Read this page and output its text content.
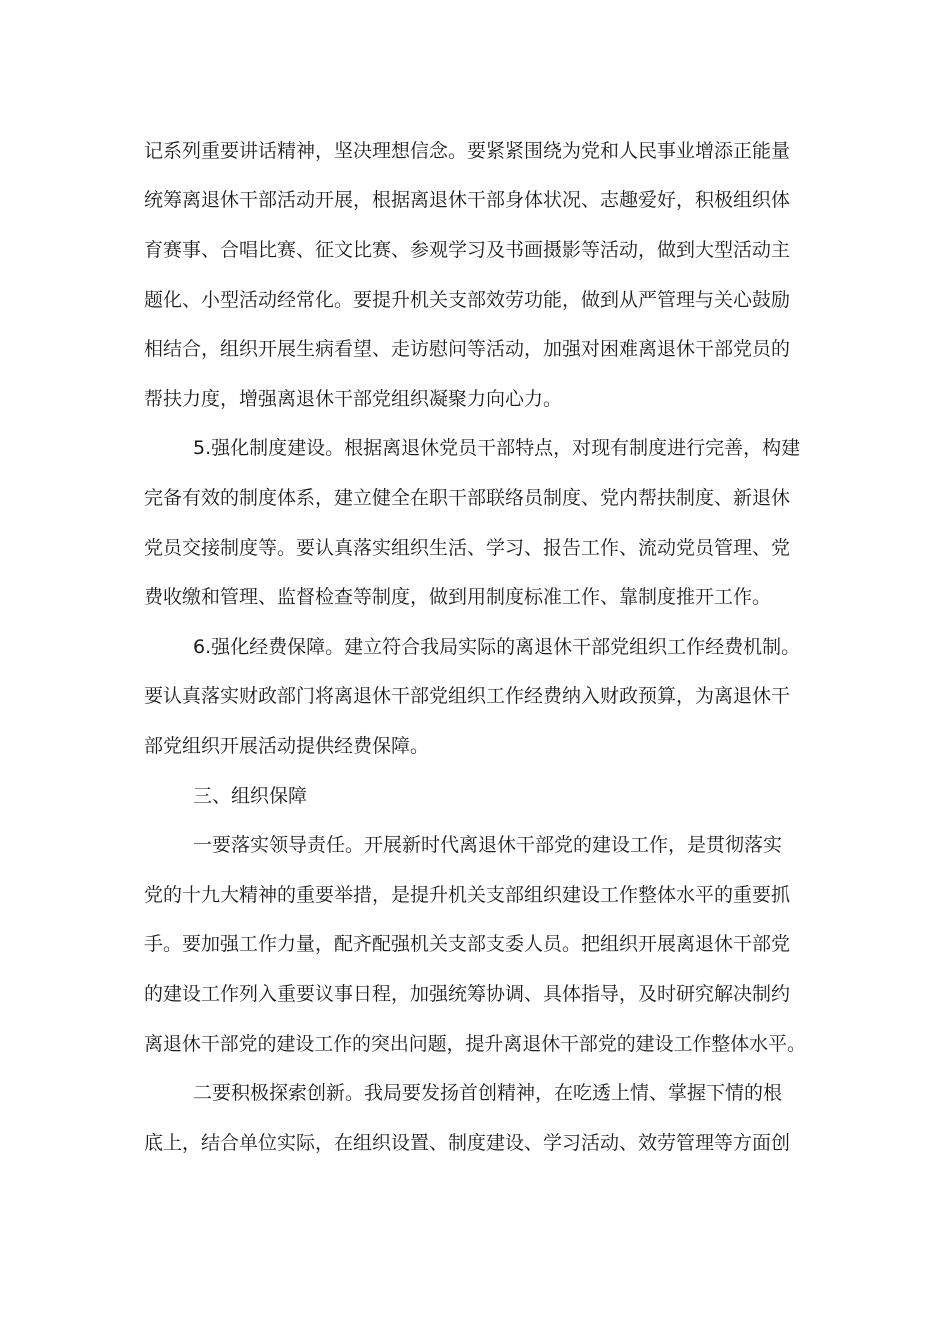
记系列重要讲话精神，坚决理想信念。要紧紧围绕为党和人民事业增添正能量
统筹离退休干部活动开展，根据离退休干部身体状况、志趣爱好，积极组织体
育赛事、合唱比赛、征文比赛、参观学习及书画摄影等活动，做到大型活动主
题化、小型活动经常化。要提升机关支部效劳功能，做到从严管理与关心鼓励
相结合，组织开展生病看望、走访慰问等活动，加强对困难离退休干部党员的
帮扶力度，增强离退休干部党组织凝聚力向心力。
5.强化制度建设。根据离退休党员干部特点，对现有制度进行完善，构建
完备有效的制度体系，建立健全在职干部联络员制度、党内帮扶制度、新退休
党员交接制度等。要认真落实组织生活、学习、报告工作、流动党员管理、党
费收缴和管理、监督检查等制度，做到用制度标准工作、靠制度推开工作。
6.强化经费保障。建立符合我局实际的离退休干部党组织工作经费机制。
要认真落实财政部门将离退休干部党组织工作经费纳入财政预算，为离退休干
部党组织开展活动提供经费保障。
三、组织保障
一要落实领导责任。开展新时代离退休干部党的建设工作，是贯彻落实
党的十九大精神的重要举措，是提升机关支部组织建设工作整体水平的重要抓
手。要加强工作力量，配齐配强机关支部支委人员。把组织开展离退休干部党
的建设工作列入重要议事日程，加强统筹协调、具体指导，及时研究解决制约
离退休干部党的建设工作的突出问题，提升离退休干部党的建设工作整体水平。
二要积极探索创新。我局要发扬首创精神，在吃透上情、掌握下情的根
底上，结合单位实际，在组织设置、制度建设、学习活动、效劳管理等方面创
